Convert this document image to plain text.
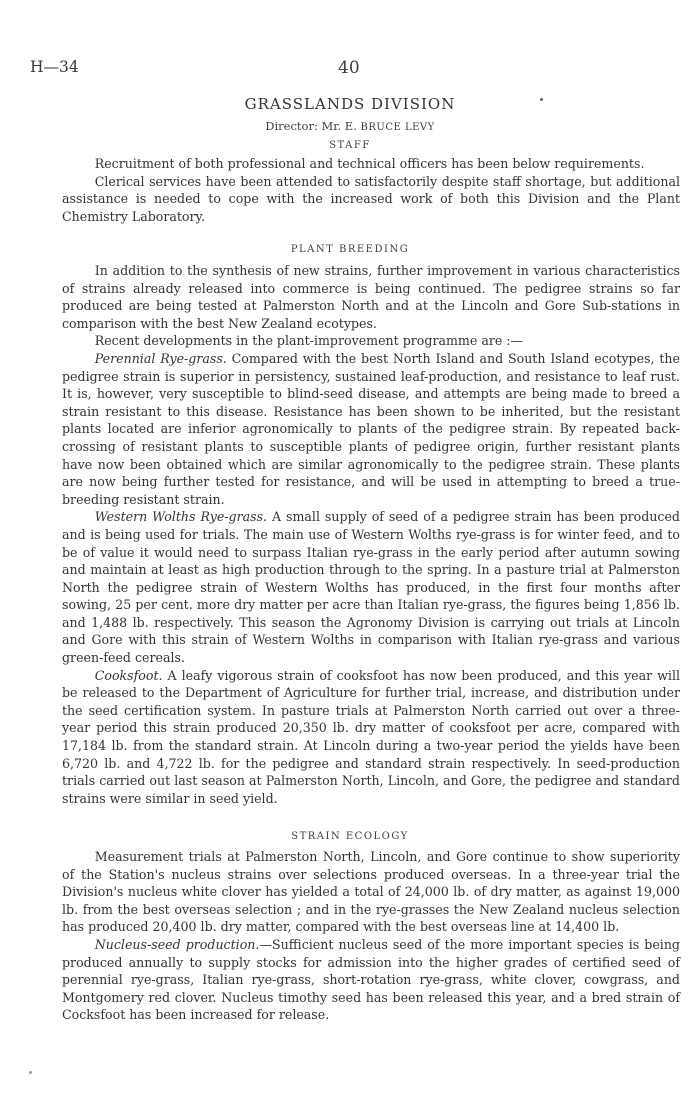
H—34	40
GRASSLANDS DIVISION
Director: Mr. E. BRUCE LEVY
STAFF

Recruitment of both professional and technical officers has been below requirements.

Clerical services have been attended to satisfactorily despite staff shortage, but additional assistance is needed to cope with the increased work of both this Division and the Plant Chemistry Laboratory.

PLANT BREEDING

In addition to the synthesis of new strains, further improvement in various characteristics of strains already released into commerce is being continued. The pedigree strains so far produced are being tested at Palmerston North and at the Lincoln and Gore Sub-stations in comparison with the best New Zealand ecotypes.

Recent developments in the plant-improvement programme are :—

Perennial Rye-grass. Compared with the best North Island and South Island ecotypes, the pedigree strain is superior in persistency, sustained leaf-production, and resistance to leaf rust. It is, however, very susceptible to blind-seed disease, and attempts are being made to breed a strain resistant to this disease. Resistance has been shown to be inherited, but the resistant plants located are inferior agronomically to plants of the pedigree strain. By repeated back-crossing of resistant plants to susceptible plants of pedigree origin, further resistant plants have now been obtained which are similar agronomically to the pedigree strain. These plants are now being further tested for resistance, and will be used in attempting to breed a true-breeding resistant strain.

Western Wolths Rye-grass. A small supply of seed of a pedigree strain has been produced and is being used for trials. The main use of Western Wolths rye-grass is for winter feed, and to be of value it would need to surpass Italian rye-grass in the early period after autumn sowing and maintain at least as high production through to the spring. In a pasture trial at Palmerston North the pedigree strain of Western Wolths has produced, in the first four months after sowing, 25 per cent. more dry matter per acre than Italian rye-grass, the figures being 1,856 lb. and 1,488 lb. respectively. This season the Agronomy Division is carrying out trials at Lincoln and Gore with this strain of Western Wolths in comparison with Italian rye-grass and various green-feed cereals.

Cooksfoot. A leafy vigorous strain of cooksfoot has now been produced, and this year will be released to the Department of Agriculture for further trial, increase, and distribution under the seed certification system. In pasture trials at Palmerston North carried out over a three-year period this strain produced 20,350 lb. dry matter of cooksfoot per acre, compared with 17,184 lb. from the standard strain. At Lincoln during a two-year period the yields have been 6,720 lb. and 4,722 lb. for the pedigree and standard strain respectively. In seed-production trials carried out last season at Palmerston North, Lincoln, and Gore, the pedigree and standard strains were similar in seed yield.

STRAIN ECOLOGY

Measurement trials at Palmerston North, Lincoln, and Gore continue to show superiority of the Station's nucleus strains over selections produced overseas. In a three-year trial the Division's nucleus white clover has yielded a total of 24,000 lb. of dry matter, as against 19,000 lb. from the best overseas selection ; and in the rye-grasses the New Zealand nucleus selection has produced 20,400 lb. dry matter, compared with the best overseas line at 14,400 lb.

Nucleus-seed production.—Sufficient nucleus seed of the more important species is being produced annually to supply stocks for admission into the higher grades of certified seed of perennial rye-grass, Italian rye-grass, short-rotation rye-grass, white clover, cowgrass, and Montgomery red clover. Nucleus timothy seed has been released this year, and a bred strain of Cocksfoot has been increased for release.
